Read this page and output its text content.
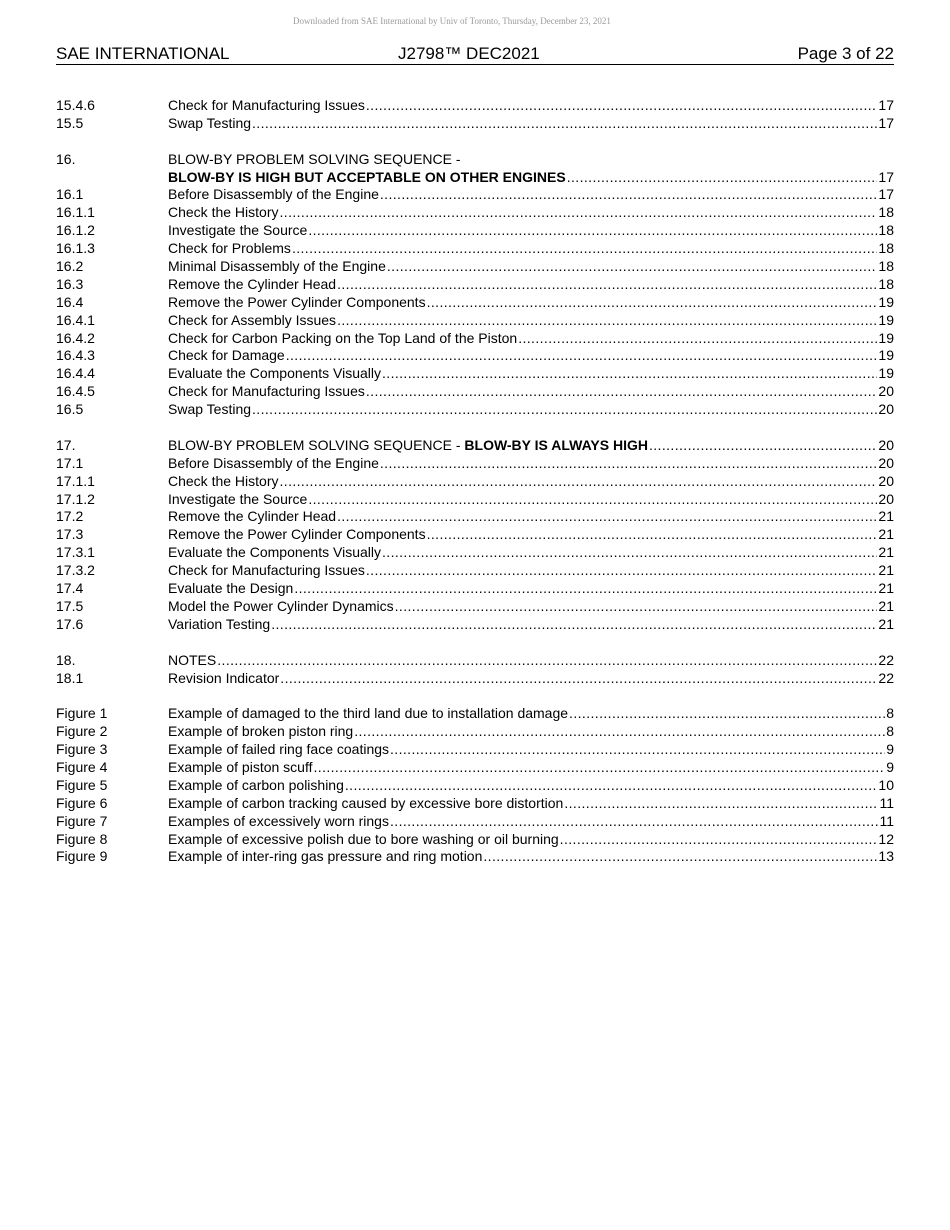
Downloaded from SAE International by Univ of Toronto, Thursday, December 23, 2021
SAE INTERNATIONAL	J2798™ DEC2021	Page 3 of 22
15.4.6	Check for Manufacturing Issues .....	17
15.5	Swap Testing .....	17
16.	BLOW-BY PROBLEM SOLVING SEQUENCE -
BLOW-BY IS HIGH BUT ACCEPTABLE ON OTHER ENGINES .....	17
16.1	Before Disassembly of the Engine .....	17
16.1.1	Check the History .....	18
16.1.2	Investigate the Source .....	18
16.1.3	Check for Problems .....	18
16.2	Minimal Disassembly of the Engine .....	18
16.3	Remove the Cylinder Head .....	18
16.4	Remove the Power Cylinder Components .....	19
16.4.1	Check for Assembly Issues .....	19
16.4.2	Check for Carbon Packing on the Top Land of the Piston .....	19
16.4.3	Check for Damage .....	19
16.4.4	Evaluate the Components Visually .....	19
16.4.5	Check for Manufacturing Issues .....	20
16.5	Swap Testing .....	20
17.	BLOW-BY PROBLEM SOLVING SEQUENCE - BLOW-BY IS ALWAYS HIGH .....	20
17.1	Before Disassembly of the Engine .....	20
17.1.1	Check the History .....	20
17.1.2	Investigate the Source .....	20
17.2	Remove the Cylinder Head .....	21
17.3	Remove the Power Cylinder Components .....	21
17.3.1	Evaluate the Components Visually .....	21
17.3.2	Check for Manufacturing Issues .....	21
17.4	Evaluate the Design .....	21
17.5	Model the Power Cylinder Dynamics .....	21
17.6	Variation Testing .....	21
18.	NOTES .....	22
18.1	Revision Indicator .....	22
Figure 1	Example of damaged to the third land due to installation damage .....	8
Figure 2	Example of broken piston ring .....	8
Figure 3	Example of failed ring face coatings .....	9
Figure 4	Example of piston scuff .....	9
Figure 5	Example of carbon polishing .....	10
Figure 6	Example of carbon tracking caused by excessive bore distortion .....	11
Figure 7	Examples of excessively worn rings .....	11
Figure 8	Example of excessive polish due to bore washing or oil burning .....	12
Figure 9	Example of inter-ring gas pressure and ring motion .....	13
